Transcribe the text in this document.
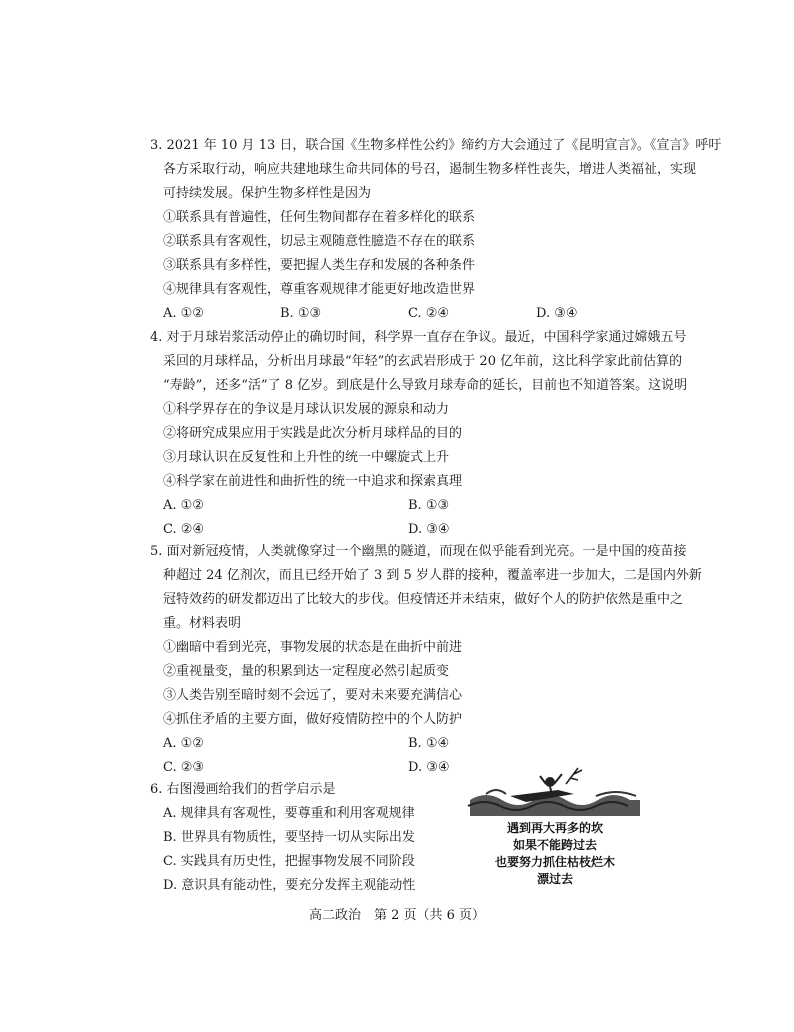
3. 2021 年 10 月 13 日，联合国《生物多样性公约》缔约方大会通过了《昆明宣言》。《宣言》呼吁
各方采取行动，响应共建地球生命共同体的号召，遏制生物多样性丧失，增进人类福祉，实现
可持续发展。保护生物多样性是因为
①联系具有普遍性，任何生物间都存在着多样化的联系
②联系具有客观性，切忌主观随意性臆造不存在的联系
③联系具有多样性，要把握人类生存和发展的各种条件
④规律具有客观性，尊重客观规律才能更好地改造世界
A. ①②	B. ①③	C. ②④	D. ③④
4. 对于月球岩浆活动停止的确切时间，科学界一直存在争议。最近，中国科学家通过嫦娥五号
采回的月球样品，分析出月球最“年轻”的玄武岩形成于 20 亿年前，这比科学家此前估算的
“寿龄”，还多“活”了 8 亿岁。到底是什么导致月球寿命的延长，目前也不知道答案。这说明
①科学界存在的争议是月球认识发展的源泉和动力
②将研究成果应用于实践是此次分析月球样品的目的
③月球认识在反复性和上升性的统一中螺旋式上升
④科学家在前进性和曲折性的统一中追求和探索真理
A. ①②	B. ①③
C. ②④	D. ③④
5. 面对新冠疫情，人类就像穿过一个幽黑的隧道，而现在似乎能看到光亮。一是中国的疫苗接
种超过 24 亿剂次，而且已经开始了 3 到 5 岁人群的接种，覆盖率进一步加大，二是国内外新
冠特效药的研发都迈出了比较大的步伐。但疫情还并未结束，做好个人的防护依然是重中之
重。材料表明
①幽暗中看到光亮，事物发展的状态是在曲折中前进
②重视量变，量的积累到达一定程度必然引起质变
③人类告别至暗时刻不会远了，要对未来要充满信心
④抓住矛盾的主要方面，做好疫情防控中的个人防护
A. ①②	B. ①④
C. ②③	D. ③④
6. 右图漫画给我们的哲学启示是
A. 规律具有客观性，要尊重和利用客观规律
B. 世界具有物质性，要坚持一切从实际出发
C. 实践具有历史性，把握事物发展不同阶段
D. 意识具有能动性，要充分发挥主观能动性
遇到再大再多的坎
如果不能跨过去
也要努力抓住枯枝烂木
漂过去
高二政治　第 2 页（共 6 页）
